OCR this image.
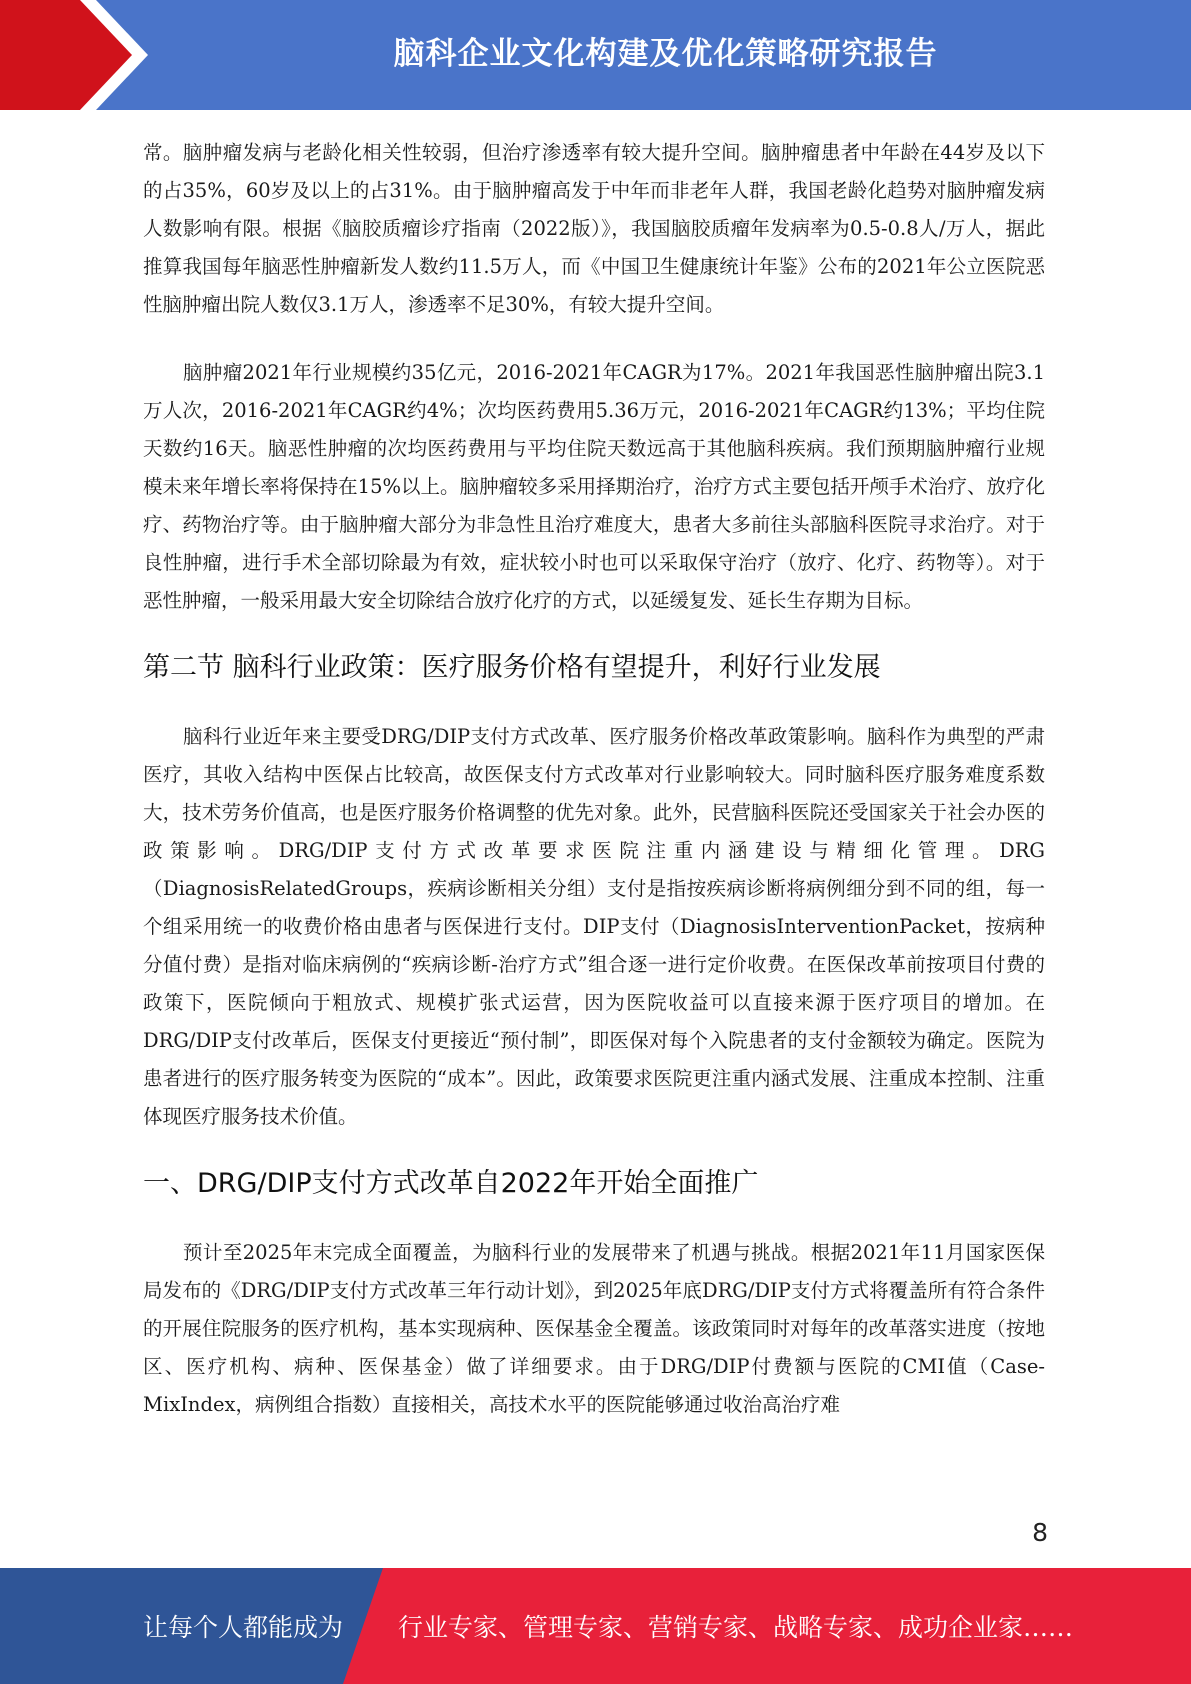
脑科企业文化构建及优化策略研究报告

常。脑肿瘤发病与老龄化相关性较弱，但治疗渗透率有较大提升空间。脑肿瘤患者中年龄在44岁及以下的占35%，60岁及以上的占31%。由于脑肿瘤高发于中年而非老年人群，我国老龄化趋势对脑肿瘤发病人数影响有限。根据《脑胶质瘤诊疗指南（2022版）》，我国脑胶质瘤年发病率为0.5-0.8人/万人，据此推算我国每年脑恶性肿瘤新发人数约11.5万人，而《中国卫生健康统计年鉴》公布的2021年公立医院恶性脑肿瘤出院人数仅3.1万人，渗透率不足30%，有较大提升空间。

脑肿瘤2021年行业规模约35亿元，2016-2021年CAGR为17%。2021年我国恶性脑肿瘤出院3.1万人次，2016-2021年CAGR约4%；次均医药费用5.36万元，2016-2021年CAGR约13%；平均住院天数约16天。脑恶性肿瘤的次均医药费用与平均住院天数远高于其他脑科疾病。我们预期脑肿瘤行业规模未来年增长率将保持在15%以上。脑肿瘤较多采用择期治疗，治疗方式主要包括开颅手术治疗、放疗化疗、药物治疗等。由于脑肿瘤大部分为非急性且治疗难度大，患者大多前往头部脑科医院寻求治疗。对于良性肿瘤，进行手术全部切除最为有效，症状较小时也可以采取保守治疗（放疗、化疗、药物等）。对于恶性肿瘤，一般采用最大安全切除结合放疗化疗的方式，以延缓复发、延长生存期为目标。

第二节 脑科行业政策：医疗服务价格有望提升，利好行业发展

脑科行业近年来主要受DRG/DIP支付方式改革、医疗服务价格改革政策影响。脑科作为典型的严肃医疗，其收入结构中医保占比较高，故医保支付方式改革对行业影响较大。同时脑科医疗服务难度系数大，技术劳务价值高，也是医疗服务价格调整的优先对象。此外，民营脑科医院还受国家关于社会办医的政策影响。DRG/DIP支付方式改革要求医院注重内涵建设与精细化管理。DRG（DiagnosisRelatedGroups，疾病诊断相关分组）支付是指按疾病诊断将病例细分到不同的组，每一个组采用统一的收费价格由患者与医保进行支付。DIP支付（DiagnosisInterventionPacket，按病种分值付费）是指对临床病例的“疾病诊断-治疗方式”组合逐一进行定价收费。在医保改革前按项目付费的政策下，医院倾向于粗放式、规模扩张式运营，因为医院收益可以直接来源于医疗项目的增加。在DRG/DIP支付改革后，医保支付更接近“预付制”，即医保对每个入院患者的支付金额较为确定。医院为患者进行的医疗服务转变为医院的“成本”。因此，政策要求医院更注重内涵式发展、注重成本控制、注重体现医疗服务技术价值。

一、DRG/DIP支付方式改革自2022年开始全面推广

预计至2025年末完成全面覆盖，为脑科行业的发展带来了机遇与挑战。根据2021年11月国家医保局发布的《DRG/DIP支付方式改革三年行动计划》，到2025年底DRG/DIP支付方式将覆盖所有符合条件的开展住院服务的医疗机构，基本实现病种、医保基金全覆盖。该政策同时对每年的改革落实进度（按地区、医疗机构、病种、医保基金）做了详细要求。由于DRG/DIP付费额与医院的CMI值（Case-MixIndex，病例组合指数）直接相关，高技术水平的医院能够通过收治高治疗难

8
让每个人都能成为 行业专家、管理专家、营销专家、战略专家、成功企业家……
